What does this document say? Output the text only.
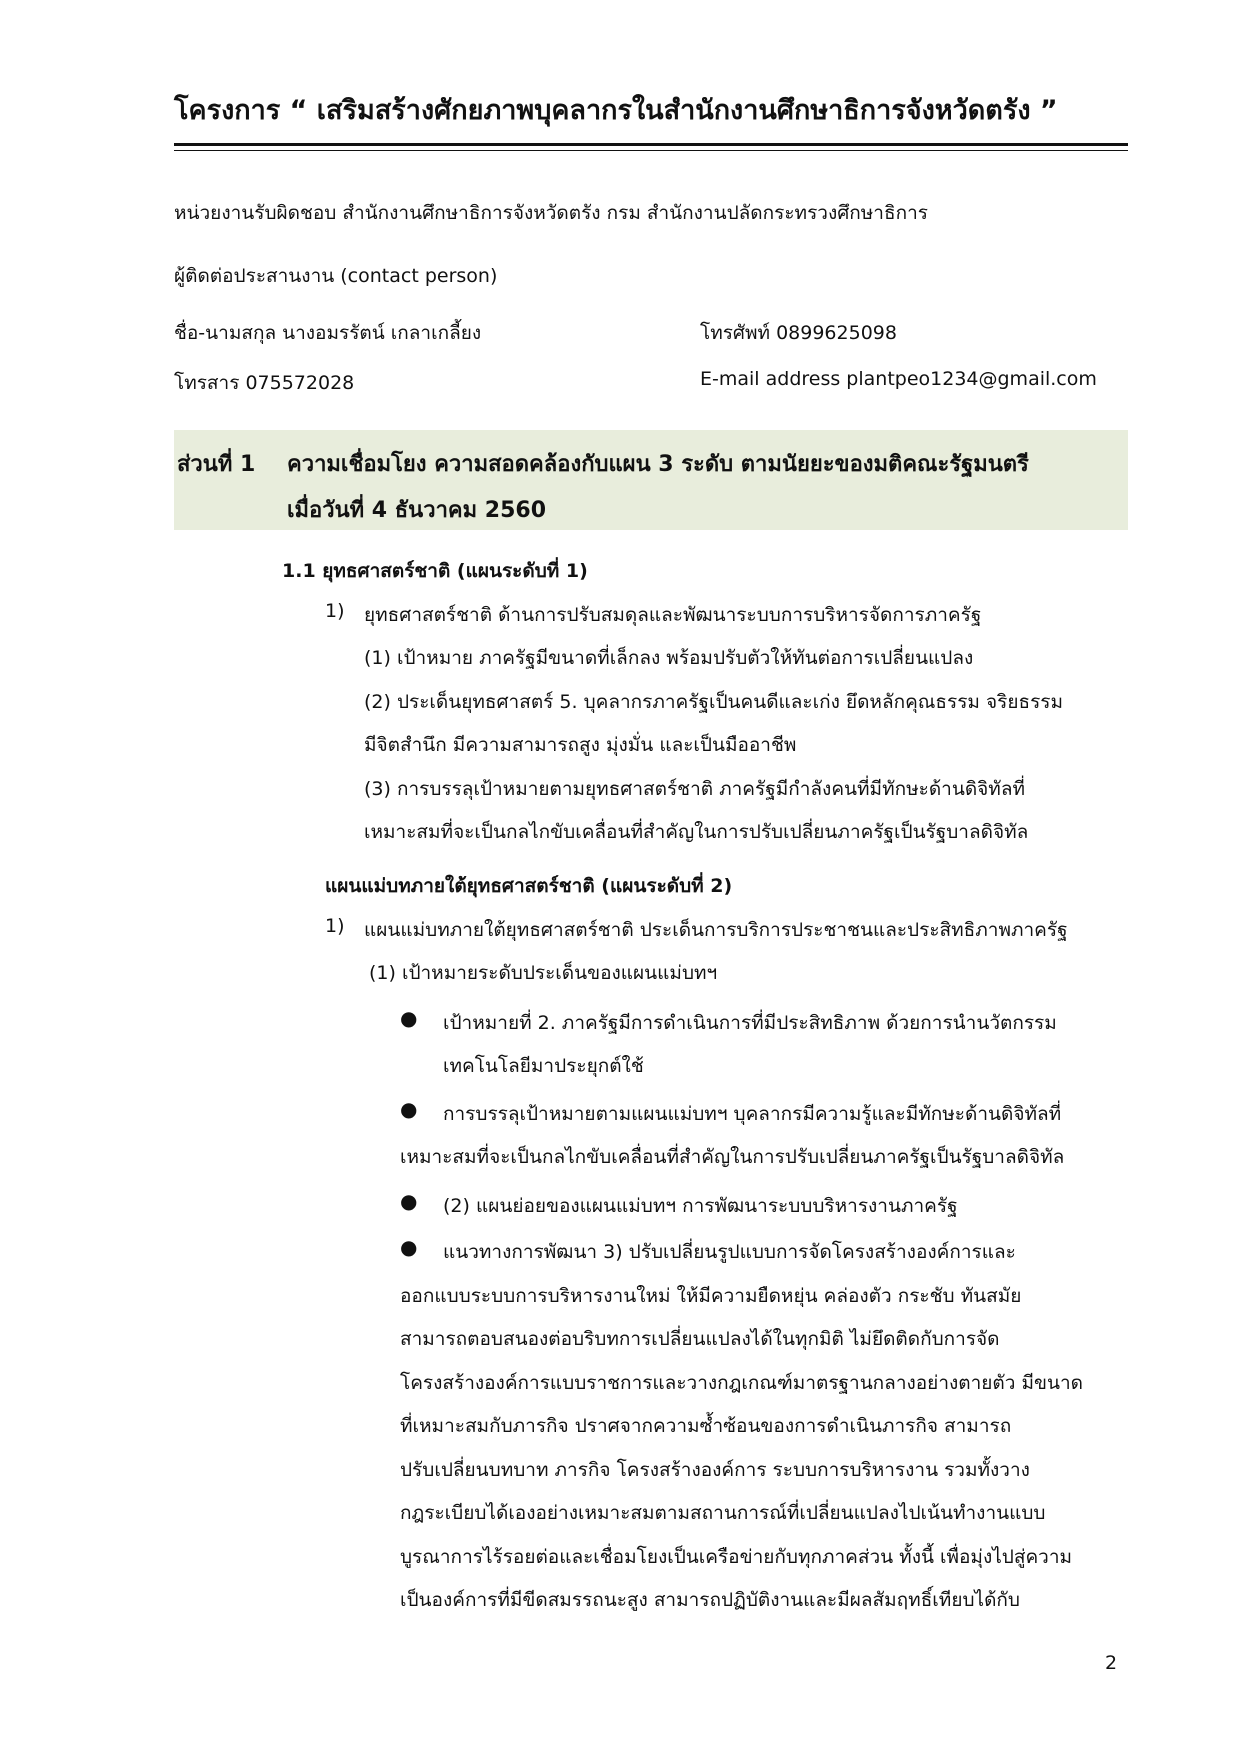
โครงการ “ เสริมสร้างศักยภาพบุคลากรในสำนักงานศึกษาธิการจังหวัดตรัง ”
หน่วยงานรับผิดชอบ สำนักงานศึกษาธิการจังหวัดตรัง กรม สำนักงานปลัดกระทรวงศึกษาธิการ
ผู้ติดต่อประสานงาน (contact person)
ชื่อ-นามสกุล นางอมรรัตน์ เกลาเกลี้ยง	โทรศัพท์ 0899625098
โทรสาร 075572028	E-mail address plantpeo1234@gmail.com
ส่วนที่ 1 ความเชื่อมโยง ความสอดคล้องกับแผน 3 ระดับ ตามนัยยะของมติคณะรัฐมนตรี
เมื่อวันที่ 4 ธันวาคม 2560
1.1 ยุทธศาสตร์ชาติ (แผนระดับที่ 1)
1) ยุทธศาสตร์ชาติ ด้านการปรับสมดุลและพัฒนาระบบการบริหารจัดการภาครัฐ
(1) เป้าหมาย ภาครัฐมีขนาดที่เล็กลง พร้อมปรับตัวให้ทันต่อการเปลี่ยนแปลง
(2) ประเด็นยุทธศาสตร์ 5. บุคลากรภาครัฐเป็นคนดีและเก่ง ยึดหลักคุณธรรม จริยธรรม
มีจิตสำนึก มีความสามารถสูง มุ่งมั่น และเป็นมืออาชีพ
(3) การบรรลุเป้าหมายตามยุทธศาสตร์ชาติ ภาครัฐมีกำลังคนที่มีทักษะด้านดิจิทัลที่
เหมาะสมที่จะเป็นกลไกขับเคลื่อนที่สำคัญในการปรับเปลี่ยนภาครัฐเป็นรัฐบาลดิจิทัล
แผนแม่บทภายใต้ยุทธศาสตร์ชาติ (แผนระดับที่ 2)
1) แผนแม่บทภายใต้ยุทธศาสตร์ชาติ ประเด็นการบริการประชาชนและประสิทธิภาพภาครัฐ
(1) เป้าหมายระดับประเด็นของแผนแม่บทฯ
● เป้าหมายที่ 2. ภาครัฐมีการดำเนินการที่มีประสิทธิภาพ ด้วยการนำนวัตกรรม
เทคโนโลยีมาประยุกต์ใช้
● การบรรลุเป้าหมายตามแผนแม่บทฯ บุคลากรมีความรู้และมีทักษะด้านดิจิทัลที่
เหมาะสมที่จะเป็นกลไกขับเคลื่อนที่สำคัญในการปรับเปลี่ยนภาครัฐเป็นรัฐบาลดิจิทัล
● (2) แผนย่อยของแผนแม่บทฯ การพัฒนาระบบบริหารงานภาครัฐ
● แนวทางการพัฒนา 3) ปรับเปลี่ยนรูปแบบการจัดโครงสร้างองค์การและ
ออกแบบระบบการบริหารงานใหม่ ให้มีความยืดหยุ่น คล่องตัว กระชับ ทันสมัย
สามารถตอบสนองต่อบริบทการเปลี่ยนแปลงได้ในทุกมิติ ไม่ยึดติดกับการจัด
โครงสร้างองค์การแบบราชการและวางกฎเกณฑ์มาตรฐานกลางอย่างตายตัว มีขนาด
ที่เหมาะสมกับภารกิจ ปราศจากความซ้ำซ้อนของการดำเนินภารกิจ สามารถ
ปรับเปลี่ยนบทบาท ภารกิจ โครงสร้างองค์การ ระบบการบริหารงาน รวมทั้งวาง
กฎระเบียบได้เองอย่างเหมาะสมตามสถานการณ์ที่เปลี่ยนแปลงไปเน้นทำงานแบบ
บูรณาการไร้รอยต่อและเชื่อมโยงเป็นเครือข่ายกับทุกภาคส่วน ทั้งนี้ เพื่อมุ่งไปสู่ความ
เป็นองค์การที่มีขีดสมรรถนะสูง สามารถปฏิบัติงานและมีผลสัมฤทธิ์เทียบได้กับ
2
